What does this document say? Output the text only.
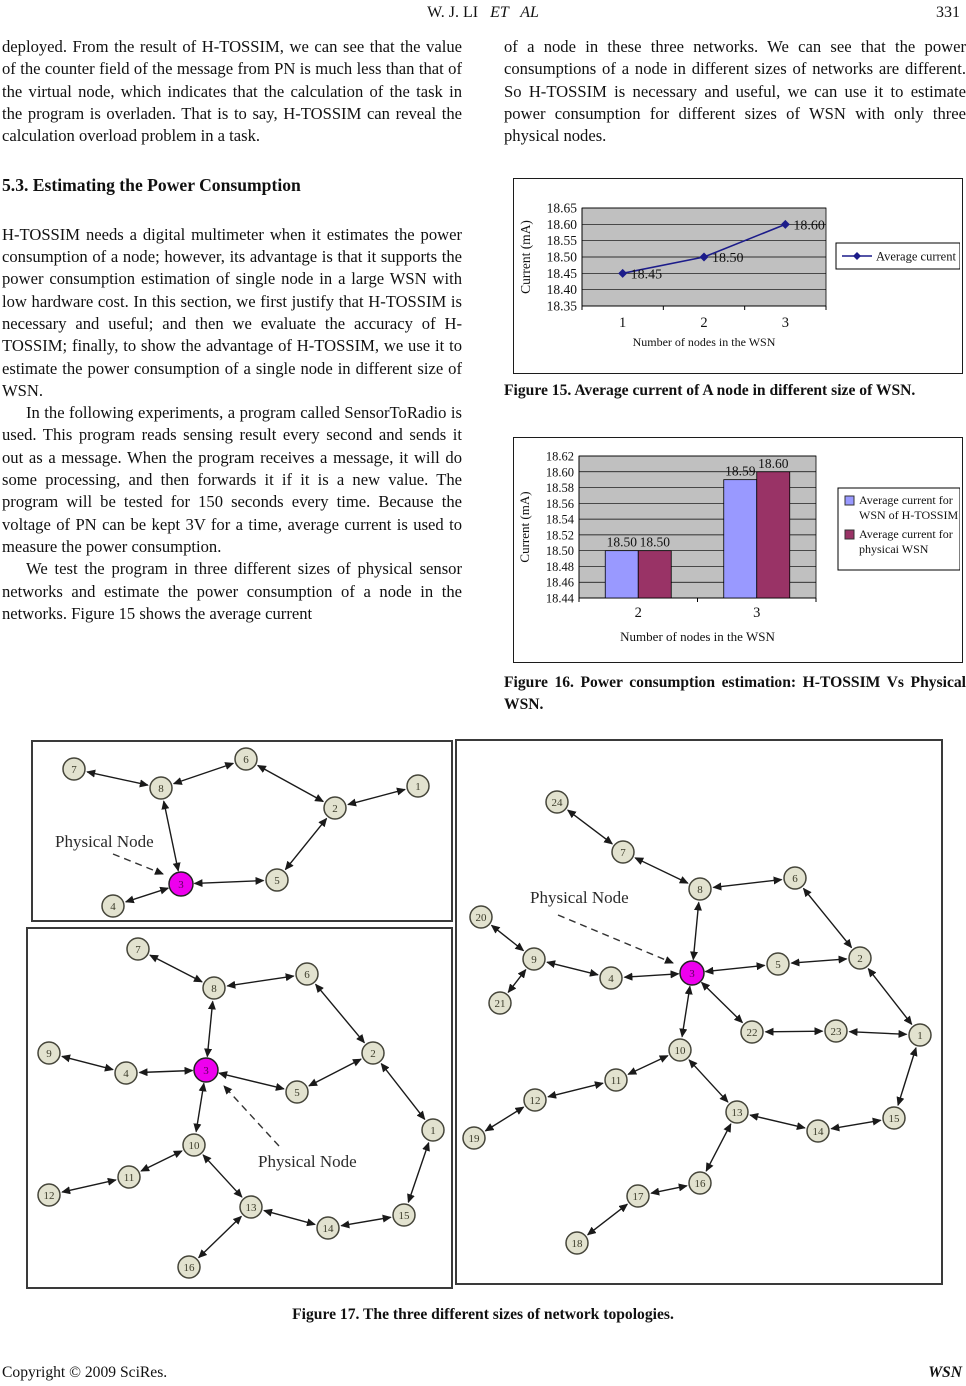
W. J. LI ET   AL	331

deployed. From the result of H-TOSSIM, we can see that the value of the counter field of the message from PN is much less than that of the virtual node, which indicates that the calculation of the task in the program is overladen. That is to say, H-TOSSIM can reveal the calculation overload problem in a task.

5.3. Estimating the Power Consumption

H-TOSSIM needs a digital multimeter when it estimates the power consumption of a node; however, its advantage is that it supports the power consumption estimation of single node in a large WSN with low hardware cost. In this section, we first justify that H-TOSSIM is necessary and useful; and then we evaluate the accuracy of H-TOSSIM; finally, to show the advantage of H-TOSSIM, we use it to estimate the power consumption of a single node in different size of WSN.

In the following experiments, a program called SensorToRadio is used. This program reads sensing result every second and sends it out as a message. When the program receives a message, it will do some processing, and then forwards it if it is a new value. The program will be tested for 150 seconds every time. Because the voltage of PN can be kept 3V for a time, average current is used to measure the power consumption.

We test the program in three different sizes of physical sensor networks and estimate the power consumption of a node in the networks. Figure 15 shows the average current

of a node in these three networks. We can see that the power consumptions of a node in different sizes of networks are different. So H-TOSSIM is necessary and useful, we can use it to estimate power consumption for different sizes of WSN with only three physical nodes.

18.65
18.60
18.55
18.50
18.45
18.40
18.35
1	2	3
Number of nodes in the WSN
Current (mA)	18.45
18.50
18.60
Average current
Figure 15. Average current of A node in different size of WSN.
18.62
18.60
18.58
18.56
18.54
18.52
18.50
18.48
18.46
18.44
18.50 18.50
2
18.59
18.60
3
Number of nodes in the WSN
Current (mA)	Average current for
WSN of H-TOSSIM
Average current for
physicai WSN
Figure 16. Power consumption estimation: H-TOSSIM Vs Physical WSN.
Physical Node
1
2
3
4
5
6
7
8
Physical Node
1
2
3
4
5
6
7
8
9
10
11
12
13
14
15
16
Physical Node
1
2
3
4
5
6
7
8
9
10
11
12
13
14
15
16
17
18
19
20
21
22	23
24
Figure 17. The three different sizes of network topologies.
Copyright © 2009 SciRes.	WSN
